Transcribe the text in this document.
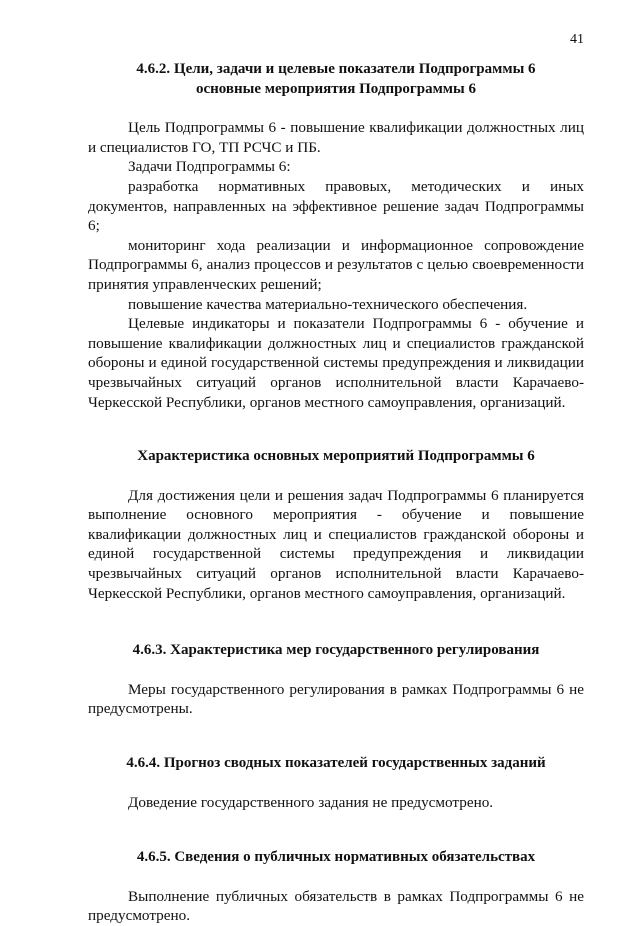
41
4.6.2. Цели, задачи и целевые показатели Подпрограммы 6
основные мероприятия Подпрограммы 6

Цель Подпрограммы 6 - повышение квалификации должностных лиц и специалистов ГО, ТП РСЧС и ПБ.

Задачи Подпрограммы 6:

разработка нормативных правовых, методических и иных документов, направленных на эффективное решение задач Подпрограммы 6;

мониторинг хода реализации и информационное сопровождение Подпрограммы 6, анализ процессов и результатов с целью своевременности принятия управленческих решений;

повышение качества материально-технического обеспечения.

Целевые индикаторы и показатели Подпрограммы 6 - обучение и повышение квалификации должностных лиц и специалистов гражданской обороны и единой государственной системы предупреждения и ликвидации чрезвычайных ситуаций органов исполнительной власти Карачаево-Черкесской Республики, органов местного самоуправления, организаций.

Характеристика основных мероприятий Подпрограммы 6

Для достижения цели и решения задач Подпрограммы 6 планируется выполнение основного мероприятия - обучение и повышение квалификации должностных лиц и специалистов гражданской обороны и единой государственной системы предупреждения и ликвидации чрезвычайных ситуаций органов исполнительной власти Карачаево-Черкесской Республики, органов местного самоуправления, организаций.

4.6.3. Характеристика мер государственного регулирования

Меры государственного регулирования в рамках Подпрограммы 6 не предусмотрены.

4.6.4. Прогноз сводных показателей государственных заданий

Доведение государственного задания не предусмотрено.

4.6.5. Сведения о публичных нормативных обязательствах

Выполнение публичных обязательств в рамках Подпрограммы 6 не предусмотрено.
